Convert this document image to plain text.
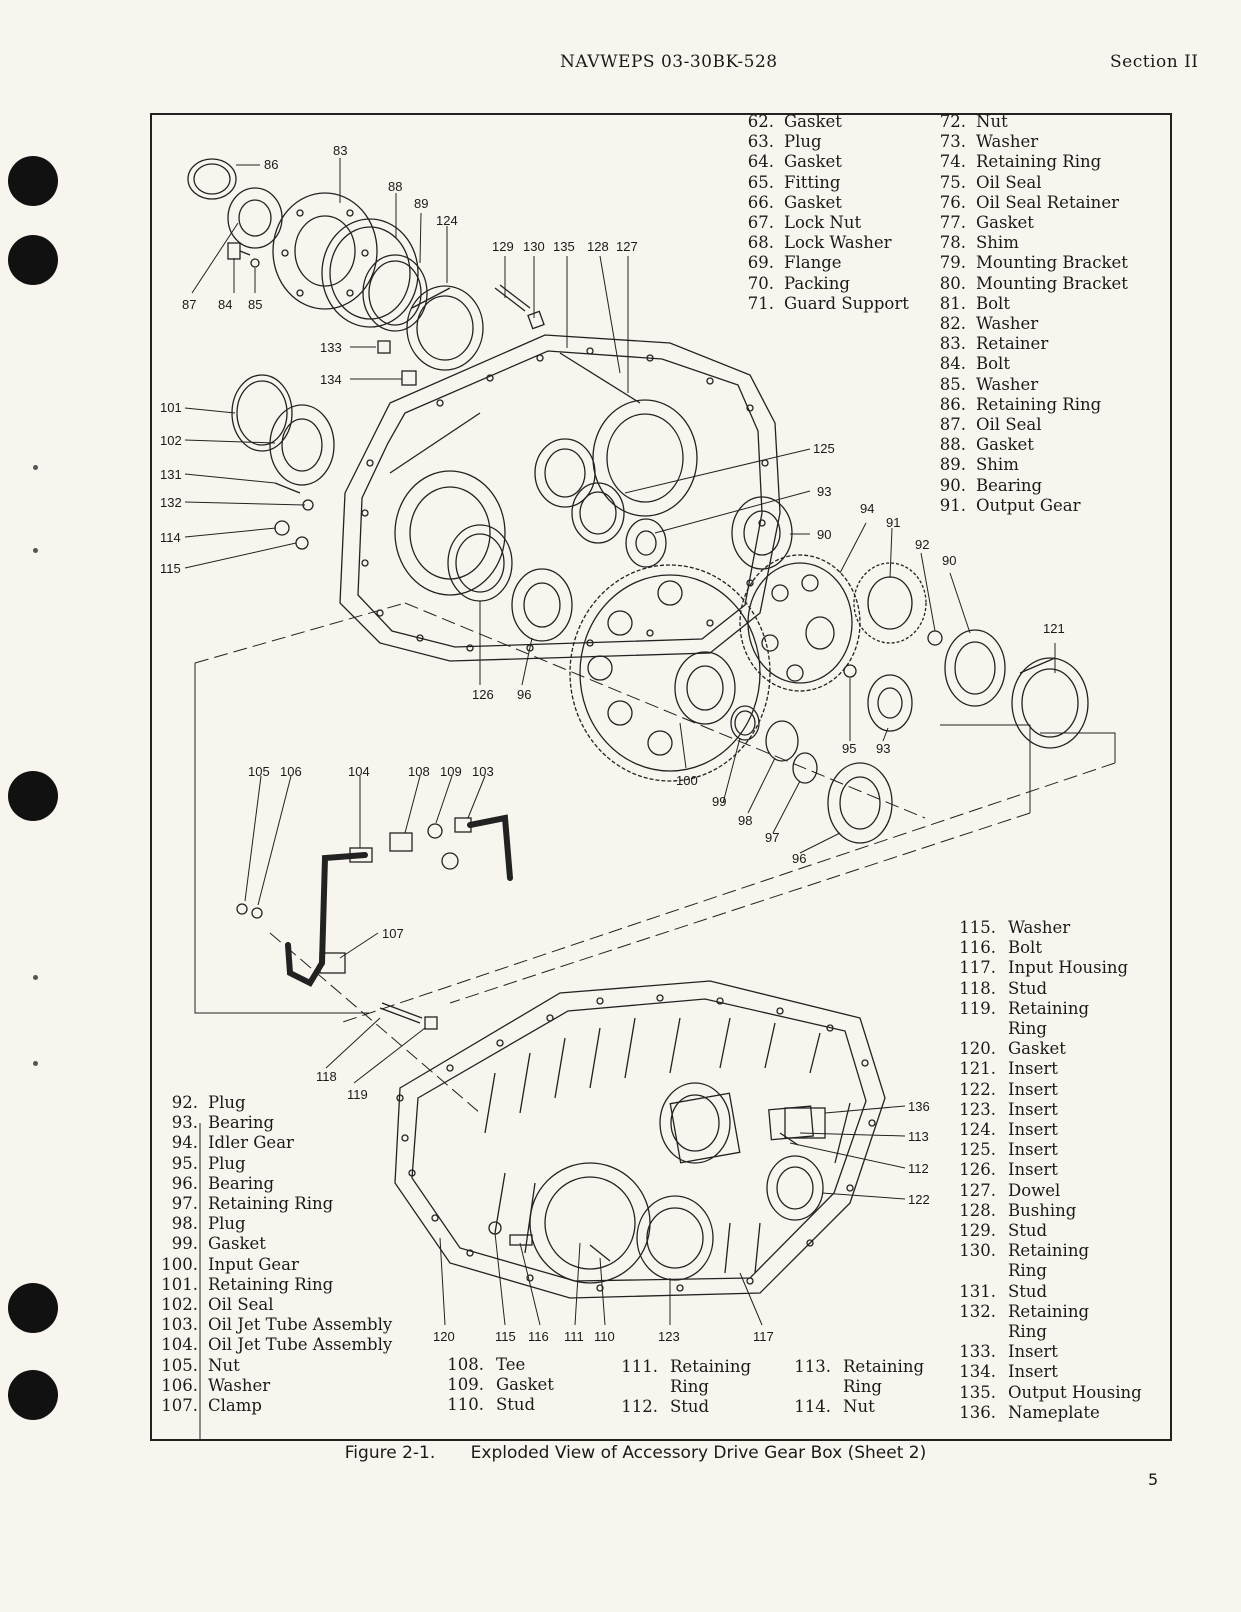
NAVWEPS 03-30BK-528	Section II
86
83
88
89
124
87 84 85
129 130 135 128 127
133
134
101
102
131
132
114
115
125
93
90
94
91
92
90
121
126 96
100
99
98
97
96
95 93
105 106	104	108 109 103
107
118
119
136
113
112
122
120	115 116 111 110	123	117
62. Gasket
63. Plug
64. Gasket
65. Fitting
66. Gasket
67. Lock Nut
68. Lock Washer
69. Flange
70. Packing
71. Guard Support
72. Nut
73. Washer
74. Retaining Ring
75. Oil Seal
76. Oil Seal Retainer
77. Gasket
78. Shim
79. Mounting Bracket
80. Mounting Bracket
81. Bolt
82. Washer
83. Retainer
84. Bolt
85. Washer
86. Retaining Ring
87. Oil Seal
88. Gasket
89. Shim
90. Bearing
91. Output Gear
92. Plug
93. Bearing
94. Idler Gear
95. Plug
96. Bearing
97. Retaining Ring
98. Plug
99. Gasket
100. Input Gear
101. Retaining Ring
102. Oil Seal
103. Oil Jet Tube Assembly
104. Oil Jet Tube Assembly
105. Nut
106. Washer
107. Clamp
108. Tee
109. Gasket
110. Stud
111. Retaining
Ring
112. Stud
113. Retaining
Ring
114. Nut
115. Washer
116. Bolt
117. Input Housing
118. Stud
119. Retaining
Ring
120. Gasket
121. Insert
122. Insert
123. Insert
124. Insert
125. Insert
126. Insert
127. Dowel
128. Bushing
129. Stud
130. Retaining
Ring
131. Stud
132. Retaining
Ring
133. Insert
134. Insert
135. Output Housing
136. Nameplate
Figure 2-1. Exploded View of Accessory Drive Gear Box (Sheet 2)
5
